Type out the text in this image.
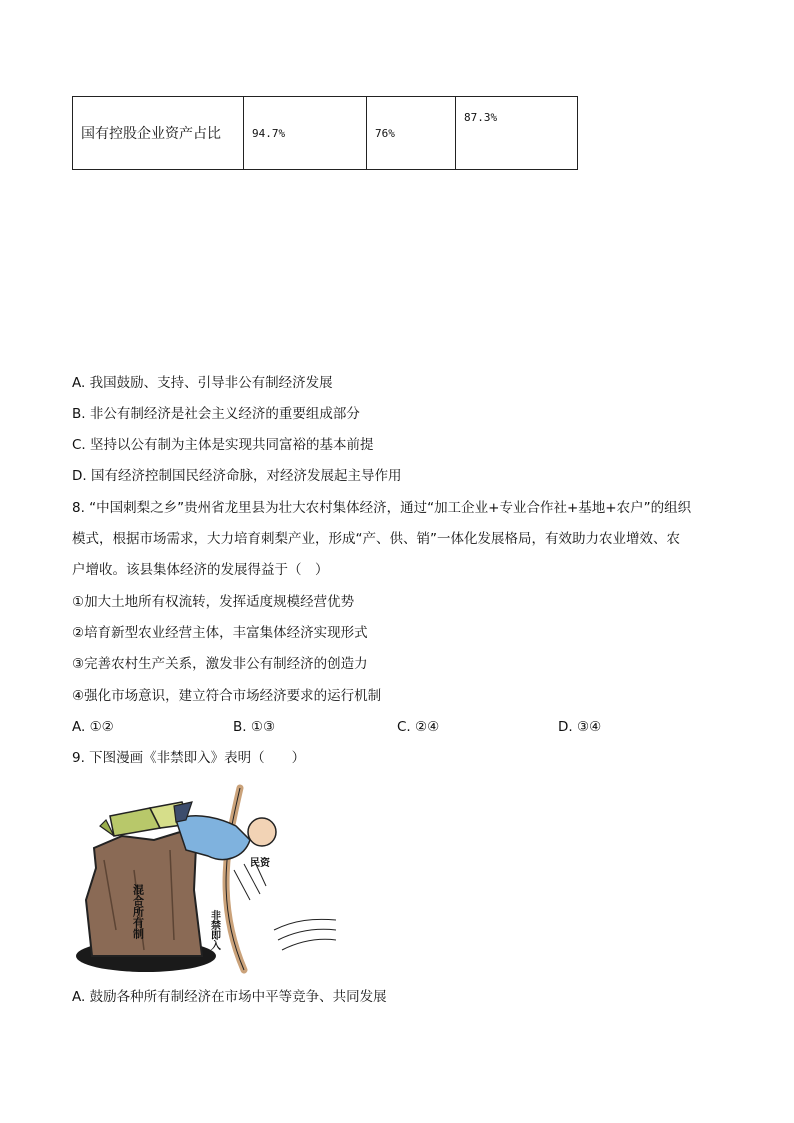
国有控股企业资产占比	94.7%	76%	87.3%
A. 我国鼓励、支持、引导非公有制经济发展
B. 非公有制经济是社会主义经济的重要组成部分
C. 坚持以公有制为主体是实现共同富裕的基本前提
D. 国有经济控制国民经济命脉，对经济发展起主导作用
8. “中国刺梨之乡”贵州省龙里县为壮大农村集体经济，通过“加工企业+专业合作社+基地+农户”的组织
模式，根据市场需求，大力培育刺梨产业，形成“产、供、销”一体化发展格局，有效助力农业增效、农
户增收。该县集体经济的发展得益于（　）
①加大土地所有权流转，发挥适度规模经营优势
②培育新型农业经营主体，丰富集体经济实现形式
③完善农村生产关系，激发非公有制经济的创造力
④强化市场意识，建立符合市场经济要求的运行机制
A. ①②	B. ①③	C. ②④	D. ③④
9. 下图漫画《非禁即入》表明（　　）
混合所有制	非禁即入
民资
A. 鼓励各种所有制经济在市场中平等竞争、共同发展
